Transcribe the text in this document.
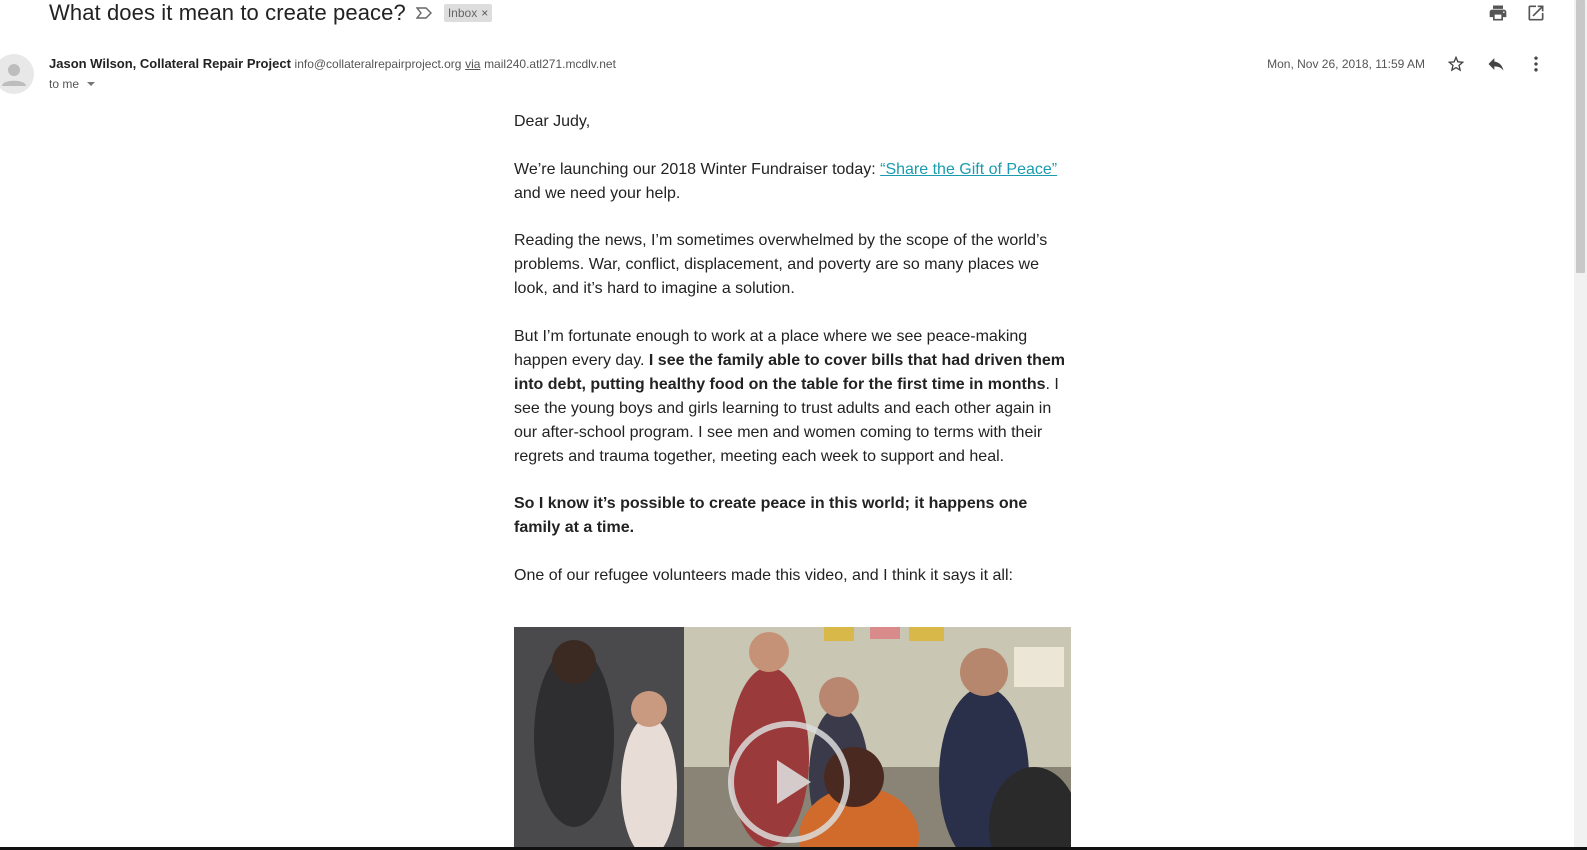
What does it mean to create peace?	Inbox ×
Jason Wilson, Collateral Repair Project info@collateralrepairproject.org via mail240.atl271.mcdlv.net
to me
Mon, Nov 26, 2018, 11:59 AM

Dear Judy,

We’re launching our 2018 Winter Fundraiser today: “Share the Gift of Peace” and we need your help.

Reading the news, I’m sometimes overwhelmed by the scope of the world’s problems. War, conflict, displacement, and poverty are so many places we look, and it’s hard to imagine a solution.

But I’m fortunate enough to work at a place where we see peace-making happen every day. I see the family able to cover bills that had driven them into debt, putting healthy food on the table for the first time in months. I see the young boys and girls learning to trust adults and each other again in our after-school program. I see men and women coming to terms with their regrets and trauma together, meeting each week to support and heal.

So I know it’s possible to create peace in this world; it happens one family at a time.

One of our refugee volunteers made this video, and I think it says it all:
